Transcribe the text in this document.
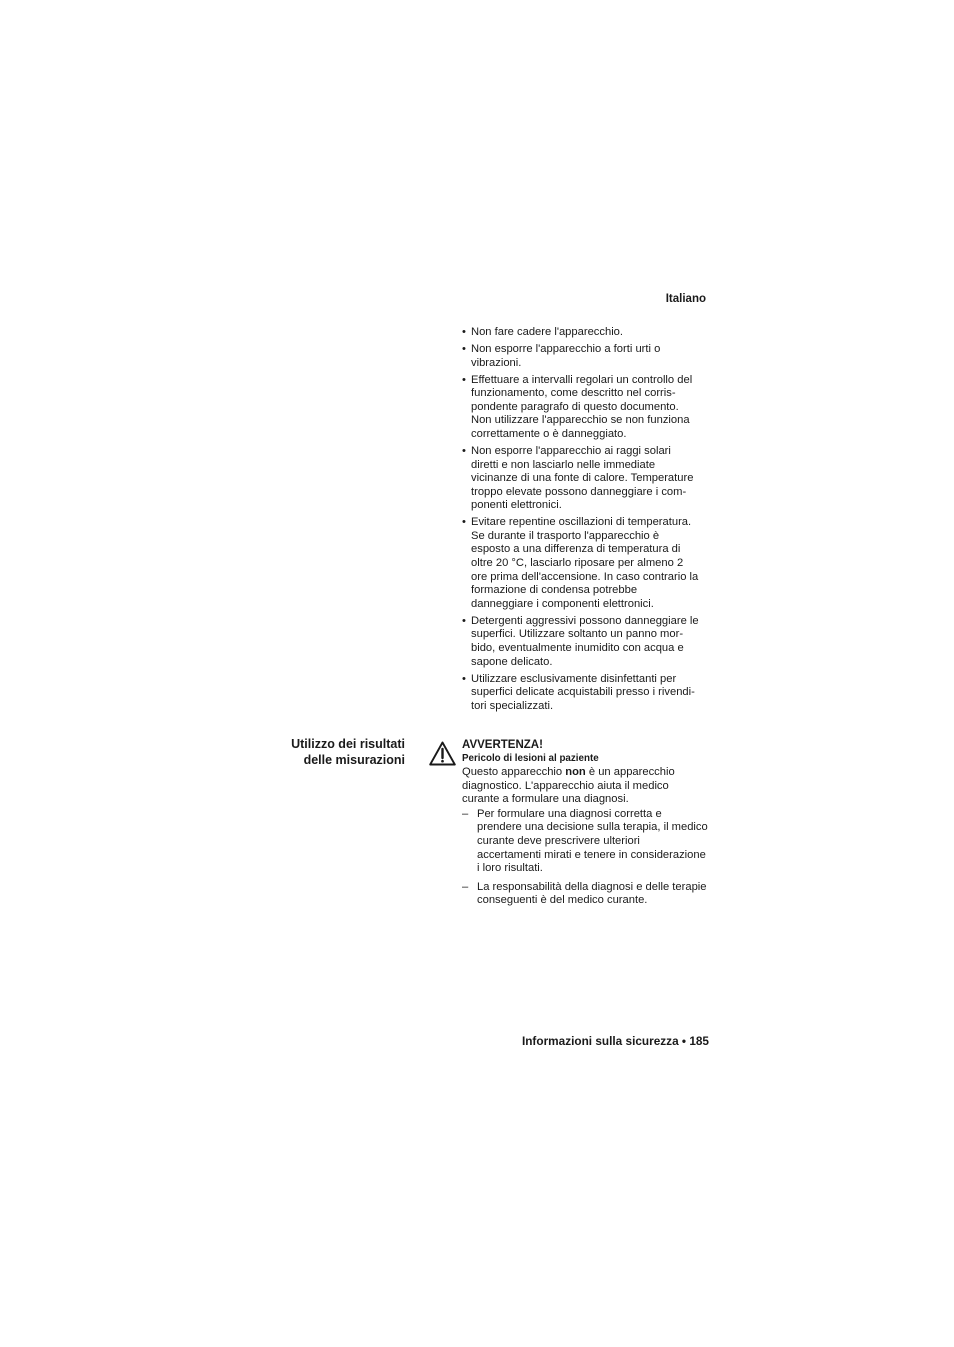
Italiano
• Non fare cadere l'apparecchio.
• Non esporre l'apparecchio a forti urti o
vibrazioni.
• Effettuare a intervalli regolari un controllo del
funzionamento, come descritto nel corris-
pondente paragrafo di questo documento.
Non utilizzare l'apparecchio se non funziona
correttamente o è danneggiato.
• Non esporre l'apparecchio ai raggi solari
diretti e non lasciarlo nelle immediate
vicinanze di una fonte di calore. Temperature
troppo elevate possono danneggiare i com-
ponenti elettronici.
• Evitare repentine oscillazioni di temperatura.
Se durante il trasporto l'apparecchio è
esposto a una differenza di temperatura di
oltre 20 °C, lasciarlo riposare per almeno 2
ore prima dell'accensione. In caso contrario la
formazione di condensa potrebbe
danneggiare i componenti elettronici.
• Detergenti aggressivi possono danneggiare le
superfici. Utilizzare soltanto un panno mor-
bido, eventualmente inumidito con acqua e
sapone delicato.
• Utilizzare esclusivamente disinfettanti per
superfici delicate acquistabili presso i rivendi-
tori specializzati.
Utilizzo dei risultati
delle misurazioni
AVVERTENZA!
Pericolo di lesioni al paziente
Questo apparecchio non è un apparecchio
diagnostico. L'apparecchio aiuta il medico
curante a formulare una diagnosi.
– Per formulare una diagnosi corretta e
prendere una decisione sulla terapia, il medico
curante deve prescrivere ulteriori
accertamenti mirati e tenere in considerazione
i loro risultati.
– La responsabilità della diagnosi e delle terapie
conseguenti è del medico curante.
Informazioni sulla sicurezza • 185
